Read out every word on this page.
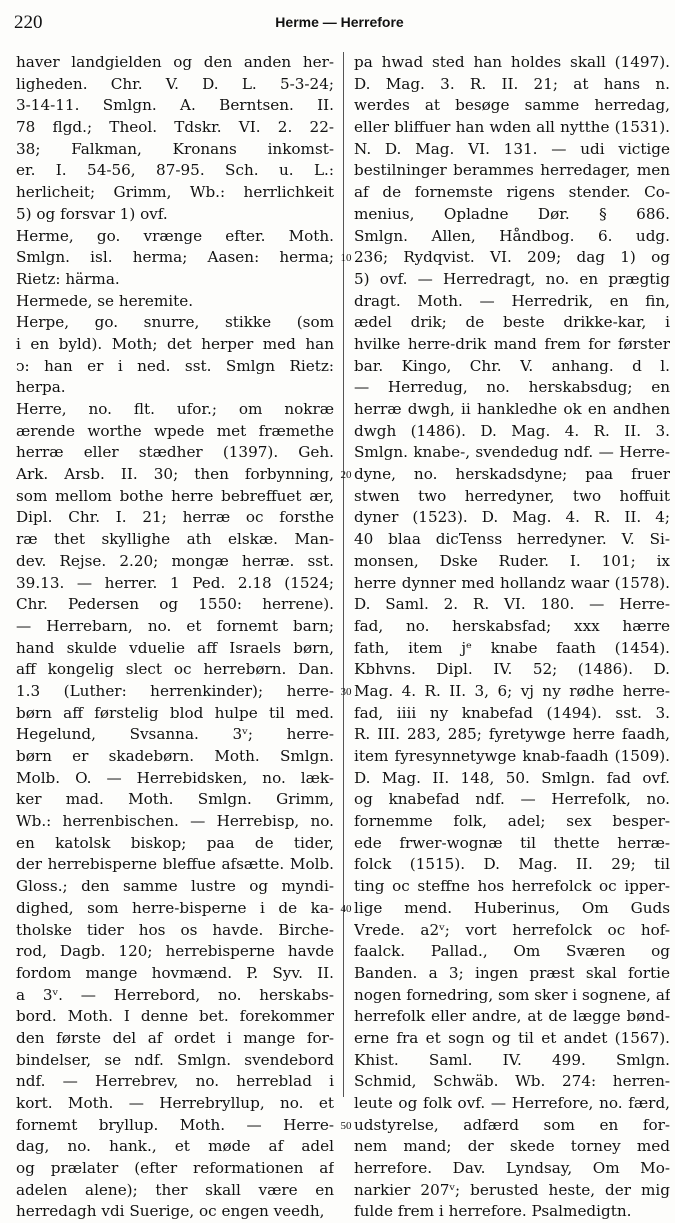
220	Herme — Herrefore
haver landgielden og den anden her-
ligheden. Chr. V. D. L. 5-3-24;
3-14-11. Smlgn. A. Berntsen. II.
78 flgd.; Theol. Tdskr. VI. 2. 22-
38; Falkman, Kronans inkomst-
er. I. 54-56, 87-95. Sch. u. L.:
herlicheit; Grimm, Wb.: herrlichkeit
5) og forsvar 1) ovf.
Herme, go. vrænge efter. Moth.
Smlgn. isl. herma; Aasen: herma;
Rietz: härma.
Hermede, se heremite.
Herpe, go. snurre, stikke (som
i en byld). Moth; det herper med han
ↄ: han er i ned. sst. Smlgn Rietz:
herpa.
Herre, no. flt. ufor.; om nokræ
ærende worthe wpede met fræmethe
herræ eller stædher (1397). Geh.
Ark. Arsb. II. 30; then forbynning,
som mellom bothe herre bebreffuet ær,
Dipl. Chr. I. 21; herræ oc forsthe
ræ thet skyllighe ath elskæ. Man-
dev. Rejse. 2.20; mongæ herræ. sst.
39.13. — herrer. 1 Ped. 2.18 (1524;
Chr. Pedersen og 1550: herrene).
— Herrebarn, no. et fornemt barn;
hand skulde vduelie aff Israels børn,
aff kongelig slect oc herrebørn. Dan.
1.3 (Luther: herrenkinder); herre-
børn aff førstelig blod hulpe til med.
Hegelund, Svsanna. 3ᵛ; herre-
børn er skadebørn. Moth. Smlgn.
Molb. O. — Herrebidsken, no. læk-
ker mad. Moth. Smlgn. Grimm,
Wb.: herrenbischen. — Herrebisp, no.
en katolsk biskop; paa de tider,
der herrebisperne bleffue afsætte. Molb.
Gloss.; den samme lustre og myndi-
dighed, som herre-bisperne i de ka-
tholske tider hos os havde. Birche-
rod, Dagb. 120; herrebisperne havde
fordom mange hovmænd. P. Syv. II.
a 3ᵛ. — Herrebord, no. herskabs-
bord. Moth. I denne bet. forekommer
den første del af ordet i mange for-
bindelser, se ndf. Smlgn. svendebord
ndf. — Herrebrev, no. herreblad i
kort. Moth. — Herrebryllup, no. et
fornemt bryllup. Moth. — Herre-
dag, no. hank., et møde af adel
og prælater (efter reformationen af
adelen alene); ther skall være en
herredagh vdi Suerige, oc engen veedh,
pa hwad sted han holdes skall (1497).
D. Mag. 3. R. II. 21; at hans n.
werdes at besøge samme herredag,
eller bliffuer han wden all nytthe (1531).
N. D. Mag. VI. 131. — udi victige
bestilninger berammes herredager, men
af de fornemste rigens stender. Co-
menius, Opladne Dør. § 686.
Smlgn. Allen, Håndbog. 6. udg.
236; Rydqvist. VI. 209; dag 1) og
5) ovf. — Herredragt, no. en prægtig
dragt. Moth. — Herredrik, en fin,
ædel drik; de beste drikke-kar, i
hvilke herre-drik mand frem for førster
bar. Kingo, Chr. V. anhang. d l.
— Herredug, no. herskabsdug; en
herræ dwgh, ii hankledhe ok en andhen
dwgh (1486). D. Mag. 4. R. II. 3.
Smlgn. knabe-, svendedug ndf. — Herre-
dyne, no. herskadsdyne; paa fruer
stwen two herredyner, two hoffuit
dyner (1523). D. Mag. 4. R. II. 4;
40 blaa dicTenss herredyner. V. Si-
monsen, Dske Ruder. I. 101; ix
herre dynner med hollandz waar (1578).
D. Saml. 2. R. VI. 180. — Herre-
fad, no. herskabsfad; xxx hærre
fath, item jᵉ knabe faath (1454).
Kbhvns. Dipl. IV. 52; (1486). D.
Mag. 4. R. II. 3, 6; vj ny rødhe herre-
fad, iiii ny knabefad (1494). sst. 3.
R. III. 283, 285; fyretywge herre faadh,
item fyresynnetywge knab-faadh (1509).
D. Mag. II. 148, 50. Smlgn. fad ovf.
og knabefad ndf. — Herrefolk, no.
fornemme folk, adel; sex besper-
ede frwer-wognæ til thette herræ-
folck (1515). D. Mag. II. 29; til
ting oc steffne hos herrefolck oc ipper-
lige mend. Huberinus, Om Guds
Vrede. a2ᵛ; vort herrefolck oc hof-
faalck. Pallad., Om Sværen og
Banden. a 3; ingen præst skal fortie
nogen fornedring, som sker i sognene, af
herrefolk eller andre, at de lægge bønd-
erne fra et sogn og til et andet (1567).
Khist. Saml. IV. 499. Smlgn.
Schmid, Schwäb. Wb. 274: herren-
leute og folk ovf. — Herrefore, no. færd,
udstyrelse, adfærd som en for-
nem mand; der skede torney med
herrefore. Dav. Lyndsay, Om Mo-
narkier 207ᵛ; berusted heste, der mig
fulde frem i herrefore. Psalmedigtn.
10
20
30
40
50
